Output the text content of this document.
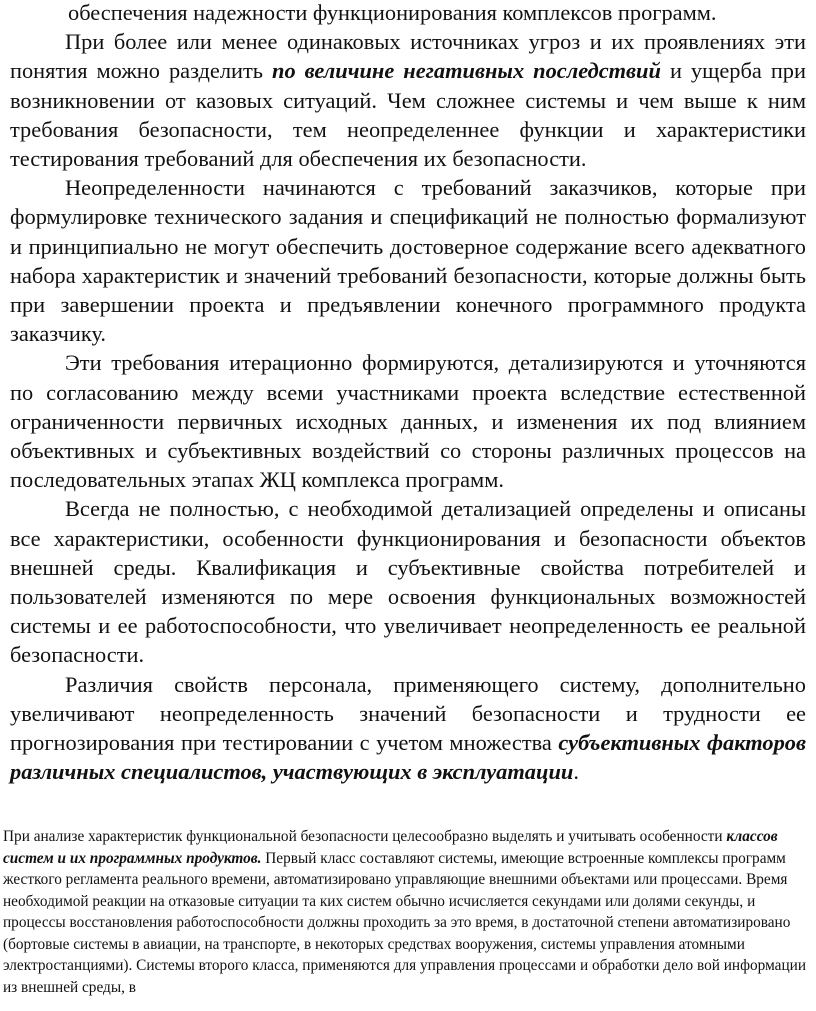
обеспечения надежности функционирования комплексов программ.

При более или менее одинаковых источниках угроз и их проявлениях эти понятия можно разделить по величине негативных последствий и ущерба при возникновении от казовых ситуаций. Чем сложнее системы и чем выше к ним требования безопасности, тем неопределеннее функции и характеристики тестирования требований для обеспечения их безопасности.

Неопределенности начинаются с требований заказчиков, которые при формулировке технического задания и спецификаций не полностью формализуют и принципиально не могут обеспечить достоверное содержание всего адекватного набора характеристик и значений требований безопасности, которые должны быть при завершении проекта и предъявлении конечного программного продукта заказчику.

Эти требования итерационно формируются, детализируются и уточняются по согласованию между всеми участниками проекта вследствие естественной ограниченности первичных исходных данных, и изменения их под влиянием объективных и субъективных воздействий со стороны различных процессов на последовательных этапах ЖЦ комплекса программ.

Всегда не полностью, с необходимой детализацией определены и описаны все характеристики, особенности функционирования и безопасности объектов внешней среды. Квалификация и субъективные свойства потребителей и пользователей изменяются по мере освоения функциональных возможностей системы и ее работоспособности, что увеличивает неопределенность ее реальной безопасности.

Различия свойств персонала, применяющего систему, дополнительно увеличивают неопределенность значений безопасности и трудности ее прогнозирования при тестировании с учетом множества субъективных факторов различных специалистов, участвующих в эксплуатации.

При анализе характеристик функциональной безопасности целесообразно выделять и учитывать особенности классов систем и их программных продуктов. Первый класс составляют системы, имеющие встроенные комплексы программ жесткого регламента реального времени, автоматизировано управляющие внешними объектами или процессами. Время необходимой реакции на отказовые ситуации та ких систем обычно исчисляется секундами или долями секунды, и процессы восстановления работоспособности должны проходить за это время, в достаточной степени автоматизировано (бортовые системы в авиации, на транспорте, в некоторых средствах вооружения, системы управления атомными электростанциями). Системы второго класса, применяются для управления процессами и обработки дело вой информации из внешней среды, в
